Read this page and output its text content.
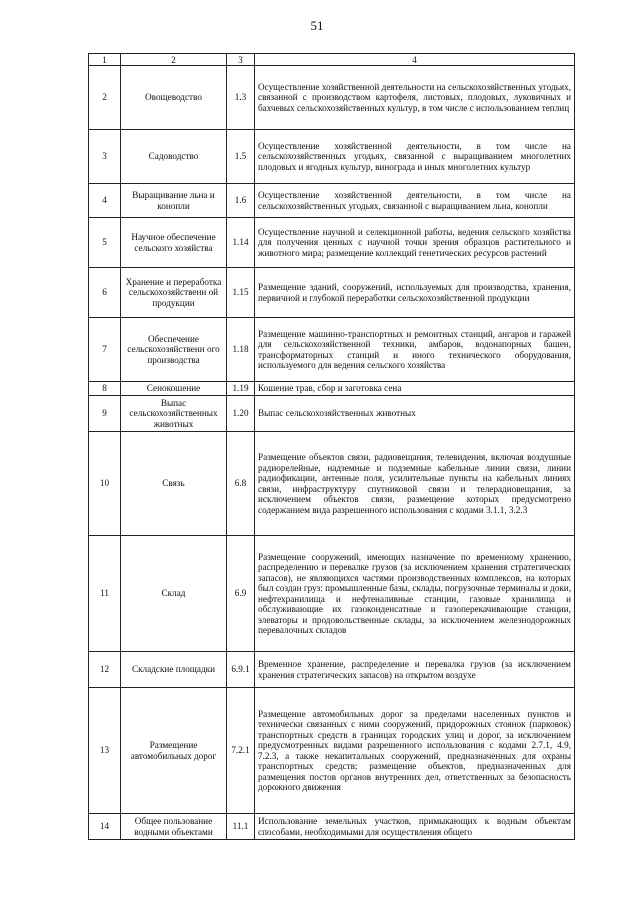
51
1	2	3	4
2	Овощеводство	1.3	Осуществление хозяйственной деятельности на сельскохозяйственных угодьях, связанной с производством картофеля, листовых, плодовых, луковичных и бахчевых сельскохозяйственных культур, в том числе с использованием теплиц
3	Садоводство	1.5	Осуществление хозяйственной деятельности, в том числе на сельскохозяйственных угодьях, связанной с выращиванием многолетних плодовых и ягодных культур, винограда и иных многолетних культур
4	Выращивание льна и конопли	1.6	Осуществление хозяйственной деятельности, в том числе на сельскохозяйственных угодьях, связанной с выращиванием льна, конопли
5	Научное обеспечение сельского хозяйства	1.14	Осуществление научной и селекционной работы, ведения сельского хозяйства для получения ценных с научной точки зрения образцов растительного и животного мира; размещение коллекций генетических ресурсов растений
6	Хранение и переработка сельскохозяйственн ой продукции	1.15	Размещение зданий, сооружений, используемых для производства, хранения, первичной и глубокой переработки сельскохозяйственной продукции
7	Обеспечение сельскохозяйственн ого производства	1.18	Размещение машинно-транспортных и ремонтных станций, ангаров и гаражей для сельскохозяйственной техники, амбаров, водонапорных башен, трансформаторных станций и иного технического оборудования, используемого для ведения сельского хозяйства
8	Сенокошение	1.19	Кошение трав, сбор и заготовка сена
9	Выпас сельскохозяйственных животных	1.20	Выпас сельскохозяйственных животных
10	Связь	6.8	Размещение объектов связи, радиовещания, телевидения, включая воздушные радиорелейные, надземные и подземные кабельные линии связи, линии радиофикации, антенные поля, усилительные пункты на кабельных линиях связи, инфраструктуру спутниковой связи и телерадиовещания, за исключением объектов связи, размещение которых предусмотрено содержанием вида разрешенного использования с кодами 3.1.1, 3.2.3
11	Склад	6.9	Размещение сооружений, имеющих назначение по временному хранению, распределению и перевалке грузов (за исключением хранения стратегических запасов), не являющихся частями производственных комплексов, на которых был создан груз: промышленные базы, склады, погрузочные терминалы и доки, нефтехранилища и нефтеналивные станции, газовые хранилища и обслуживающие их газоконденсатные и газоперекачивающие станции, элеваторы и продовольственные склады, за исключением железнодорожных перевалочных складов
12	Складские площадки	6.9.1	Временное хранение, распределение и перевалка грузов (за исключением хранения стратегических запасов) на открытом воздухе
13	Размещение автомобильных дорог	7.2.1	Размещение автомобильных дорог за пределами населенных пунктов и технически связанных с ними сооружений, придорожных стоянок (парковок) транспортных средств в границах городских улиц и дорог, за исключением предусмотренных видами разрешенного использования с кодами 2.7.1, 4.9, 7.2.3, а также некапитальных сооружений, предназначенных для охраны транспортных средств; размещение объектов, предназначенных для размещения постов органов внутренних дел, ответственных за безопасность дорожного движения
14	Общее пользование водными объектами	11.1	Использование земельных участков, примыкающих к водным объектам способами, необходимыми для осуществления общего
